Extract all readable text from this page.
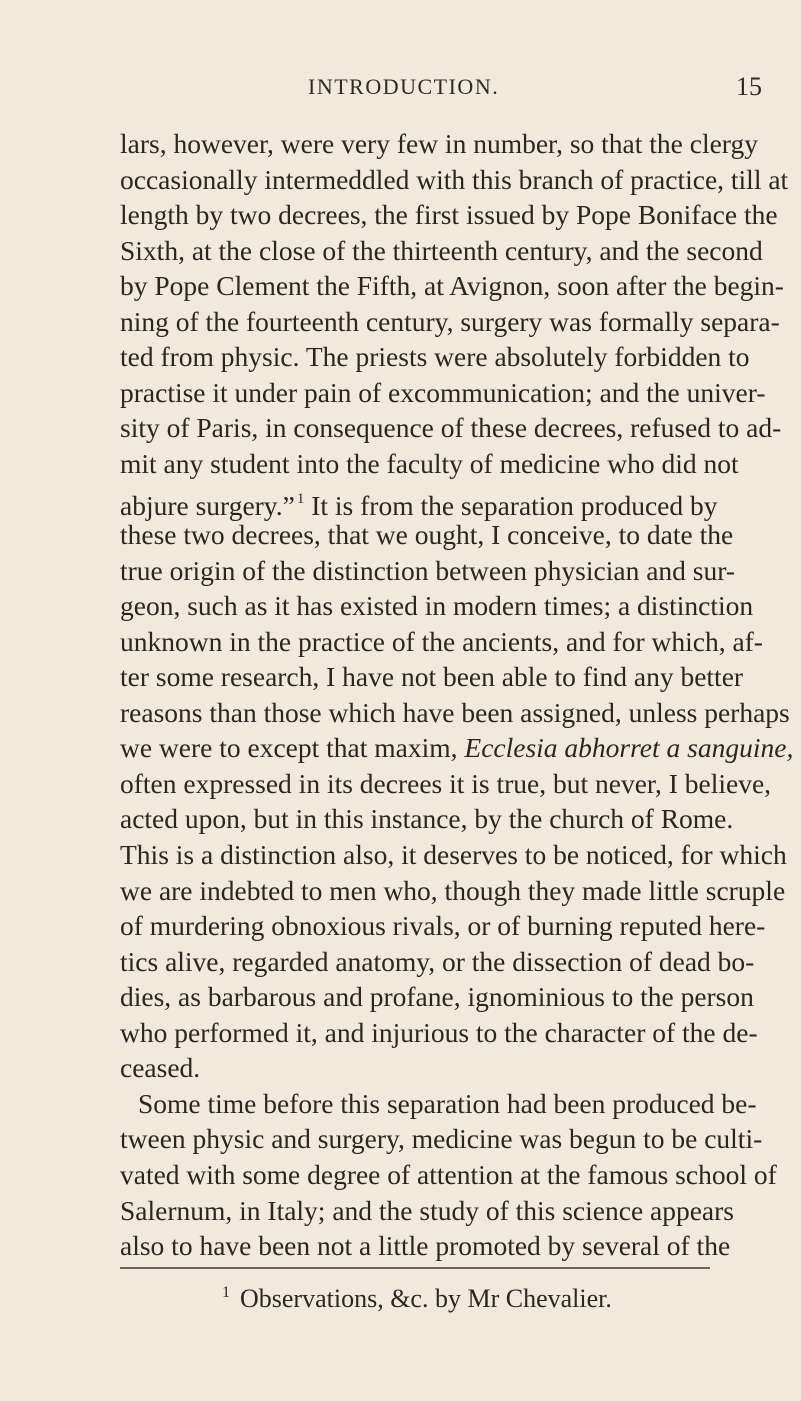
INTRODUCTION.	15
lars, however, were very few in number, so that the clergy
occasionally intermeddled with this branch of practice, till at
length by two decrees, the first issued by Pope Boniface the
Sixth, at the close of the thirteenth century, and the second
by Pope Clement the Fifth, at Avignon, soon after the begin-
ning of the fourteenth century, surgery was formally separa-
ted from physic. The priests were absolutely forbidden to
practise it under pain of excommunication; and the univer-
sity of Paris, in consequence of these decrees, refused to ad-
mit any student into the faculty of medicine who did not
abjure surgery.” $^1$ It is from the separation produced by
these two decrees, that we ought, I conceive, to date the
true origin of the distinction between physician and sur-
geon, such as it has existed in modern times; a distinction
unknown in the practice of the ancients, and for which, af-
ter some research, I have not been able to find any better
reasons than those which have been assigned, unless perhaps
we were to except that maxim, Ecclesia abhorret a sanguine,
often expressed in its decrees it is true, but never, I believe,
acted upon, but in this instance, by the church of Rome.
This is a distinction also, it deserves to be noticed, for which
we are indebted to men who, though they made little scruple
of murdering obnoxious rivals, or of burning reputed here-
tics alive, regarded anatomy, or the dissection of dead bo-
dies, as barbarous and profane, ignominious to the person
who performed it, and injurious to the character of the de-
ceased.
Some time before this separation had been produced be-
tween physic and surgery, medicine was begun to be culti-
vated with some degree of attention at the famous school of
Salernum, in Italy; and the study of this science appears
also to have been not a little promoted by several of the
$^1$ Observations, &c. by Mr Chevalier.
